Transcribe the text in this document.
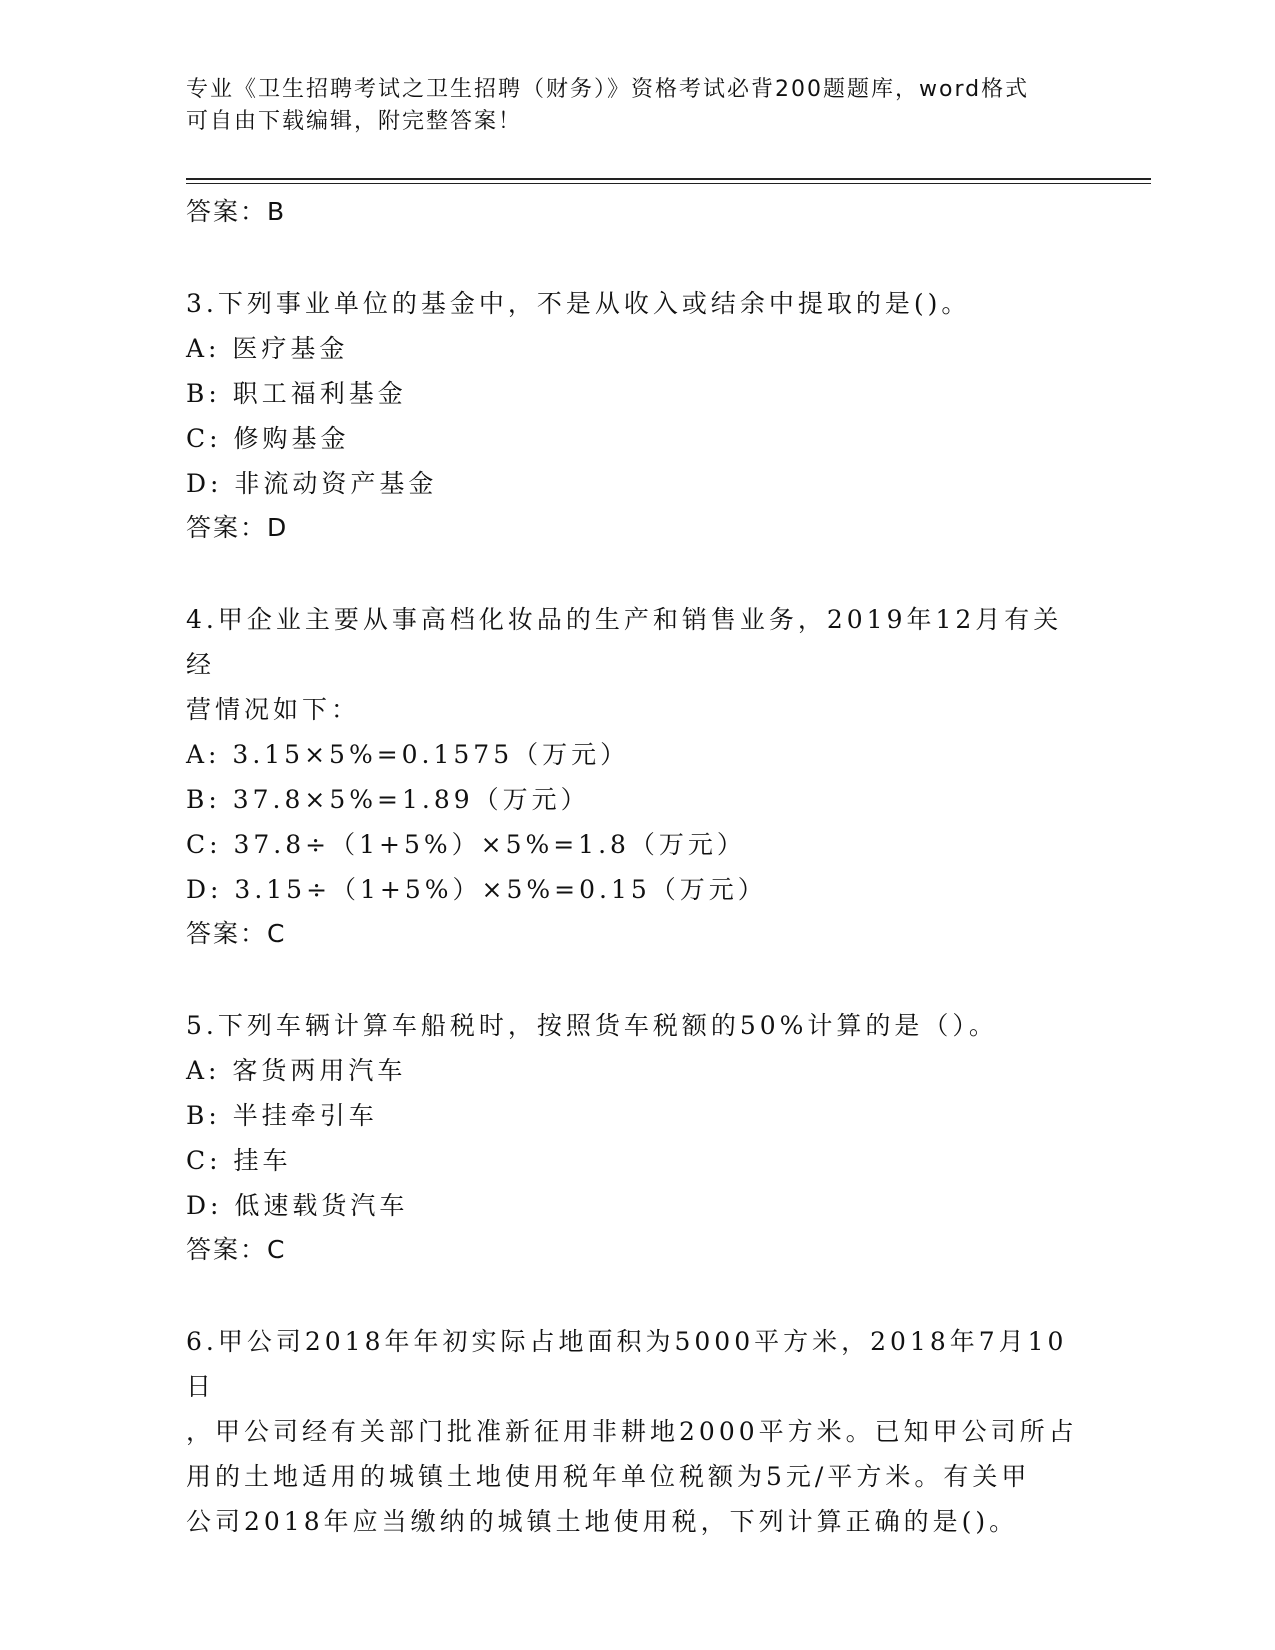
专业《卫生招聘考试之卫生招聘（财务）》资格考试必背200题题库，word格式
可自由下载编辑，附完整答案！
答案：B
3.下列事业单位的基金中，不是从收入或结余中提取的是()。
A: 医疗基金
B: 职工福利基金
C: 修购基金
D: 非流动资产基金
答案：D
4.甲企业主要从事高档化妆品的生产和销售业务，2019年12月有关经
营情况如下：
A: 3.15×5%=0.1575（万元）
B: 37.8×5%=1.89（万元）
C: 37.8÷（1+5%）×5%=1.8（万元）
D: 3.15÷（1+5%）×5%=0.15（万元）
答案：C
5.下列车辆计算车船税时，按照货车税额的50%计算的是（）。
A: 客货两用汽车
B: 半挂牵引车
C: 挂车
D: 低速载货汽车
答案：C
6.甲公司2018年年初实际占地面积为5000平方米，2018年7月10日
，甲公司经有关部门批准新征用非耕地2000平方米。已知甲公司所占
用的土地适用的城镇土地使用税年单位税额为5元/平方米。有关甲
公司2018年应当缴纳的城镇土地使用税，下列计算正确的是()。
